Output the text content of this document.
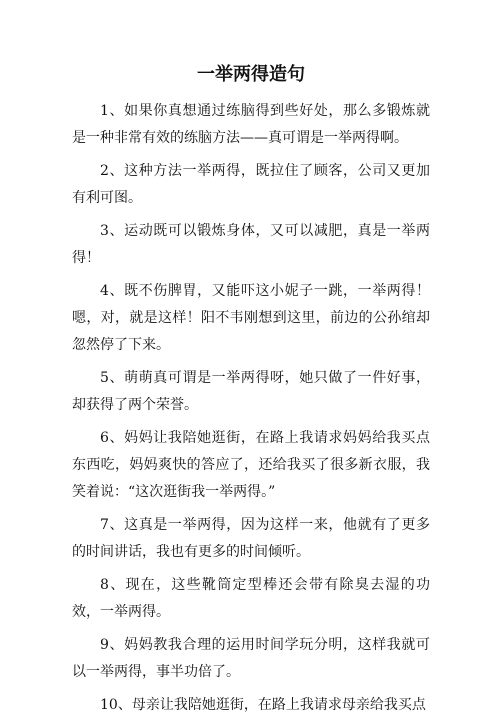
一举两得造句

1、如果你真想通过练脑得到些好处，那么多锻炼就是一种非常有效的练脑方法——真可谓是一举两得啊。

2、这种方法一举两得，既拉住了顾客，公司又更加有利可图。

3、运动既可以锻炼身体，又可以减肥，真是一举两得！

4、既不伤脾胃，又能吓这小妮子一跳，一举两得！嗯，对，就是这样！阳不韦刚想到这里，前边的公孙绾却忽然停了下来。

5、萌萌真可谓是一举两得呀，她只做了一件好事，却获得了两个荣誉。

6、妈妈让我陪她逛街，在路上我请求妈妈给我买点东西吃，妈妈爽快的答应了，还给我买了很多新衣服，我笑着说：“这次逛街我一举两得。”

7、这真是一举两得，因为这样一来，他就有了更多的时间讲话，我也有更多的时间倾听。

8、现在，这些靴筒定型棒还会带有除臭去湿的功效，一举两得。

9、妈妈教我合理的运用时间学玩分明，这样我就可以一举两得，事半功倍了。

10、母亲让我陪她逛街，在路上我请求母亲给我买点
